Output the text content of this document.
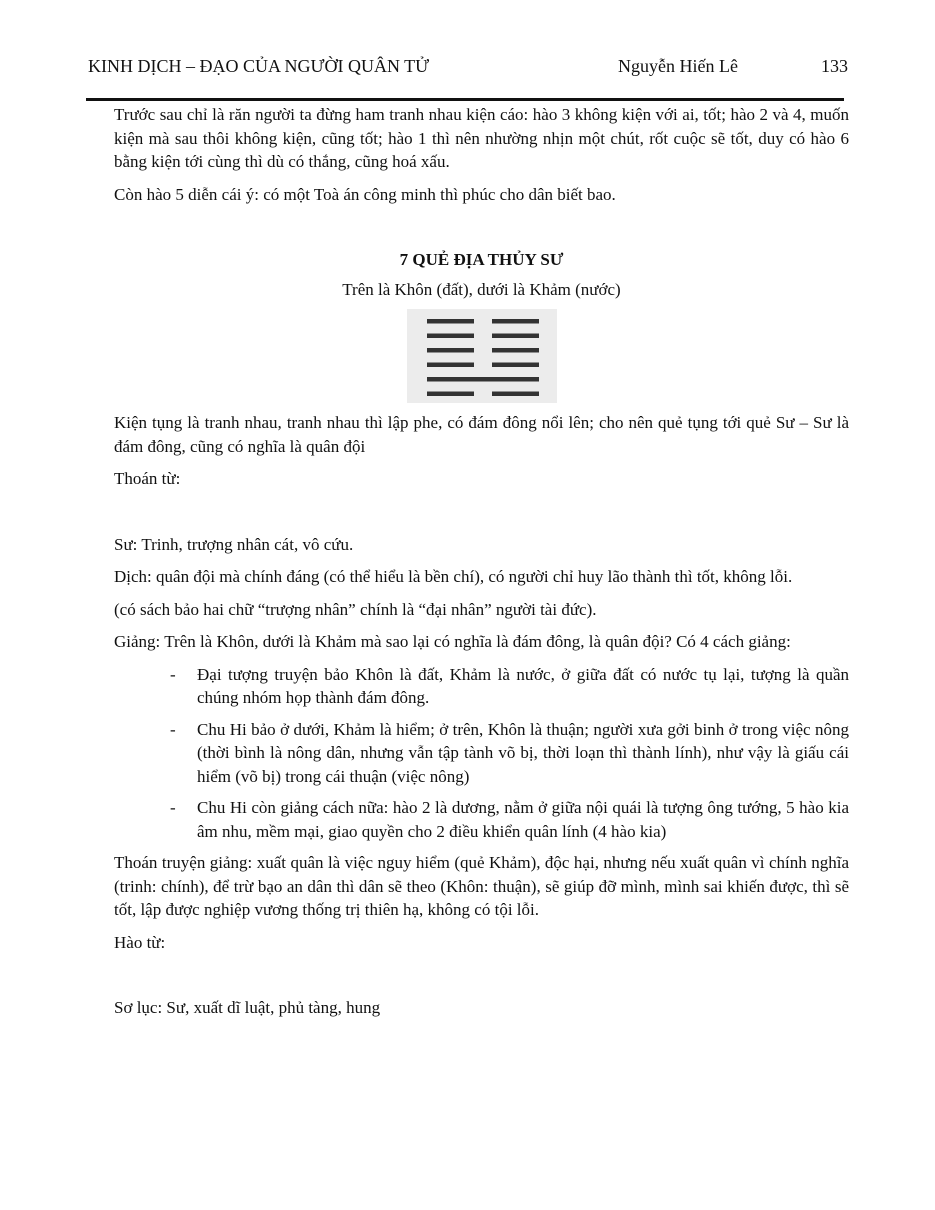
KINH DỊCH – ĐẠO CỦA NGƯỜI QUÂN TỬ	Nguyễn Hiến Lê	133

Trước sau chỉ là răn người ta đừng ham tranh nhau kiện cáo: hào 3 không kiện với ai, tốt; hào 2 và 4, muốn kiện mà sau thôi không kiện, cũng tốt; hào 1 thì nên nhường nhịn một chút, rốt cuộc sẽ tốt, duy có hào 6 bằng kiện tới cùng thì dù có thắng, cũng hoá xấu.

Còn hào 5 diễn cái ý: có một Toà án công minh thì phúc cho dân biết bao.

7 QUẺ ĐỊA THỦY SƯ

Trên là Khôn (đất), dưới là Khảm (nước)

Kiện tụng là tranh nhau, tranh nhau thì lập phe, có đám đông nổi lên; cho nên quẻ tụng tới quẻ Sư – Sư là đám đông, cũng có nghĩa là quân đội

Thoán từ:

Sư: Trinh, trượng nhân cát, vô cứu.

Dịch: quân đội mà chính đáng (có thể hiểu là bền chí), có người chỉ huy lão thành thì tốt, không lỗi.

(có sách bảo hai chữ “trượng nhân” chính là “đại nhân” người tài đức).

Giảng: Trên là Khôn, dưới là Khảm mà sao lại có nghĩa là đám đông, là quân đội? Có 4 cách giảng:

- Đại tượng truyện bảo Khôn là đất, Khảm là nước, ở giữa đất có nước tụ lại, tượng là quần chúng nhóm họp thành đám đông.
- Chu Hi bảo ở dưới, Khảm là hiểm; ở trên, Khôn là thuận; người xưa gởi binh ở trong việc nông (thời bình là nông dân, nhưng vẫn tập tành võ bị, thời loạn thì thành lính), như vậy là giấu cái hiểm (võ bị) trong cái thuận (việc nông)
- Chu Hi còn giảng cách nữa: hào 2 là dương, nằm ở giữa nội quái là tượng ông tướng, 5 hào kia âm nhu, mềm mại, giao quyền cho 2 điều khiển quân lính (4 hào kia)

Thoán truyện giảng: xuất quân là việc nguy hiểm (quẻ Khảm), độc hại, nhưng nếu xuất quân vì chính nghĩa (trinh: chính), để trừ bạo an dân thì dân sẽ theo (Khôn: thuận), sẽ giúp đỡ mình, mình sai khiến được, thì sẽ tốt, lập được nghiệp vương thống trị thiên hạ, không có tội lỗi.

Hào từ:

Sơ lục: Sư, xuất dĩ luật, phủ tàng, hung
